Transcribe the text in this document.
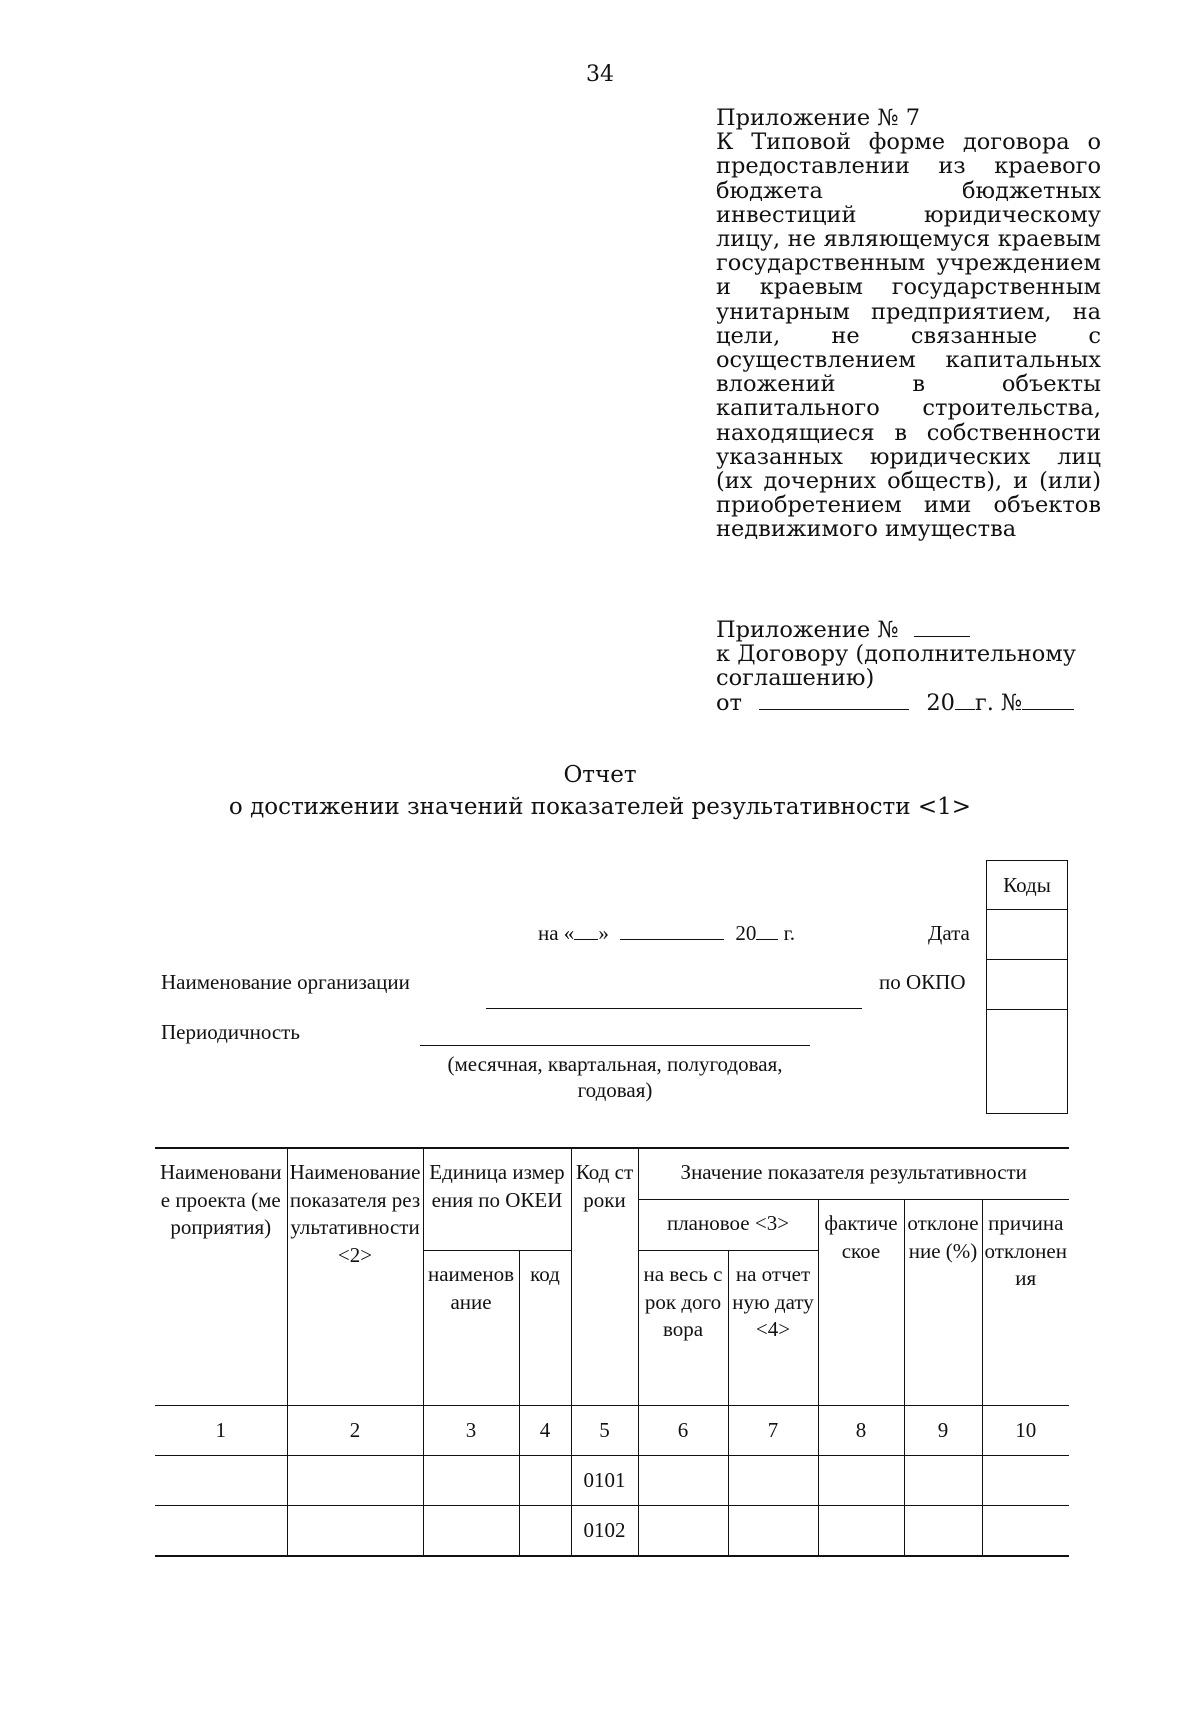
34
Приложение № 7
К Типовой форме договора о предоставлении из краевого бюджета бюджетных инвестиций юридическому лицу, не являющемуся краевым государственным учреждением и краевым государственным унитарным предприятием, на цели, не связанные с осуществлением капитальных вложений в объекты капитального строительства, находящиеся в собственности указанных юридических лиц (их дочерних обществ), и (или) приобретением ими объектов недвижимого имущества
Приложение №
к Договору (дополнительному
соглашению)
от	20 г. №
Отчет
о достижении значений показателей результативности <1>
Коды
на « »	20 г.	Дата
Наименование организации	по ОКПО
Периодичность
(месячная, квартальная, полугодовая, годовая)
Наименование проекта (мероприятия)	Наименование показателя результативности <2>	Единица измерения по ОКЕИ		Код строки	Значение показателя результативности				
					плановое <3>		фактическое	отклонение (%)	причина отклонения
		наименование	код		на весь срок договора	на отчетную дату <4>			
1	2	3	4	5	6	7	8	9	10
				0101					
				0102					
